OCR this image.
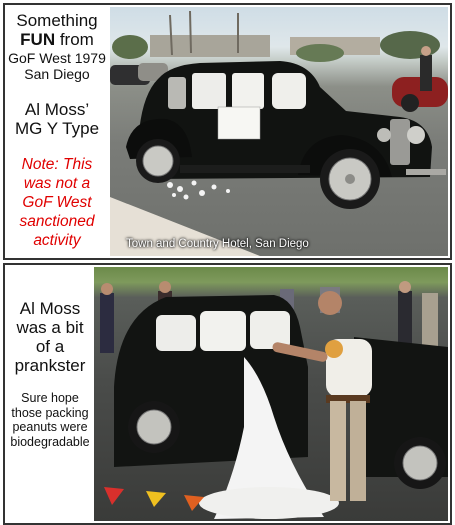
Something
FUN from
GoF West 1979
San Diego
Al Moss’
MG Y Type
Note: This
was not a
GoF West
sanctioned
activity	Town and Country Hotel, San Diego
Al Moss
was a bit
of a
prankster
Sure hope
those packing
peanuts were
biodegradable
